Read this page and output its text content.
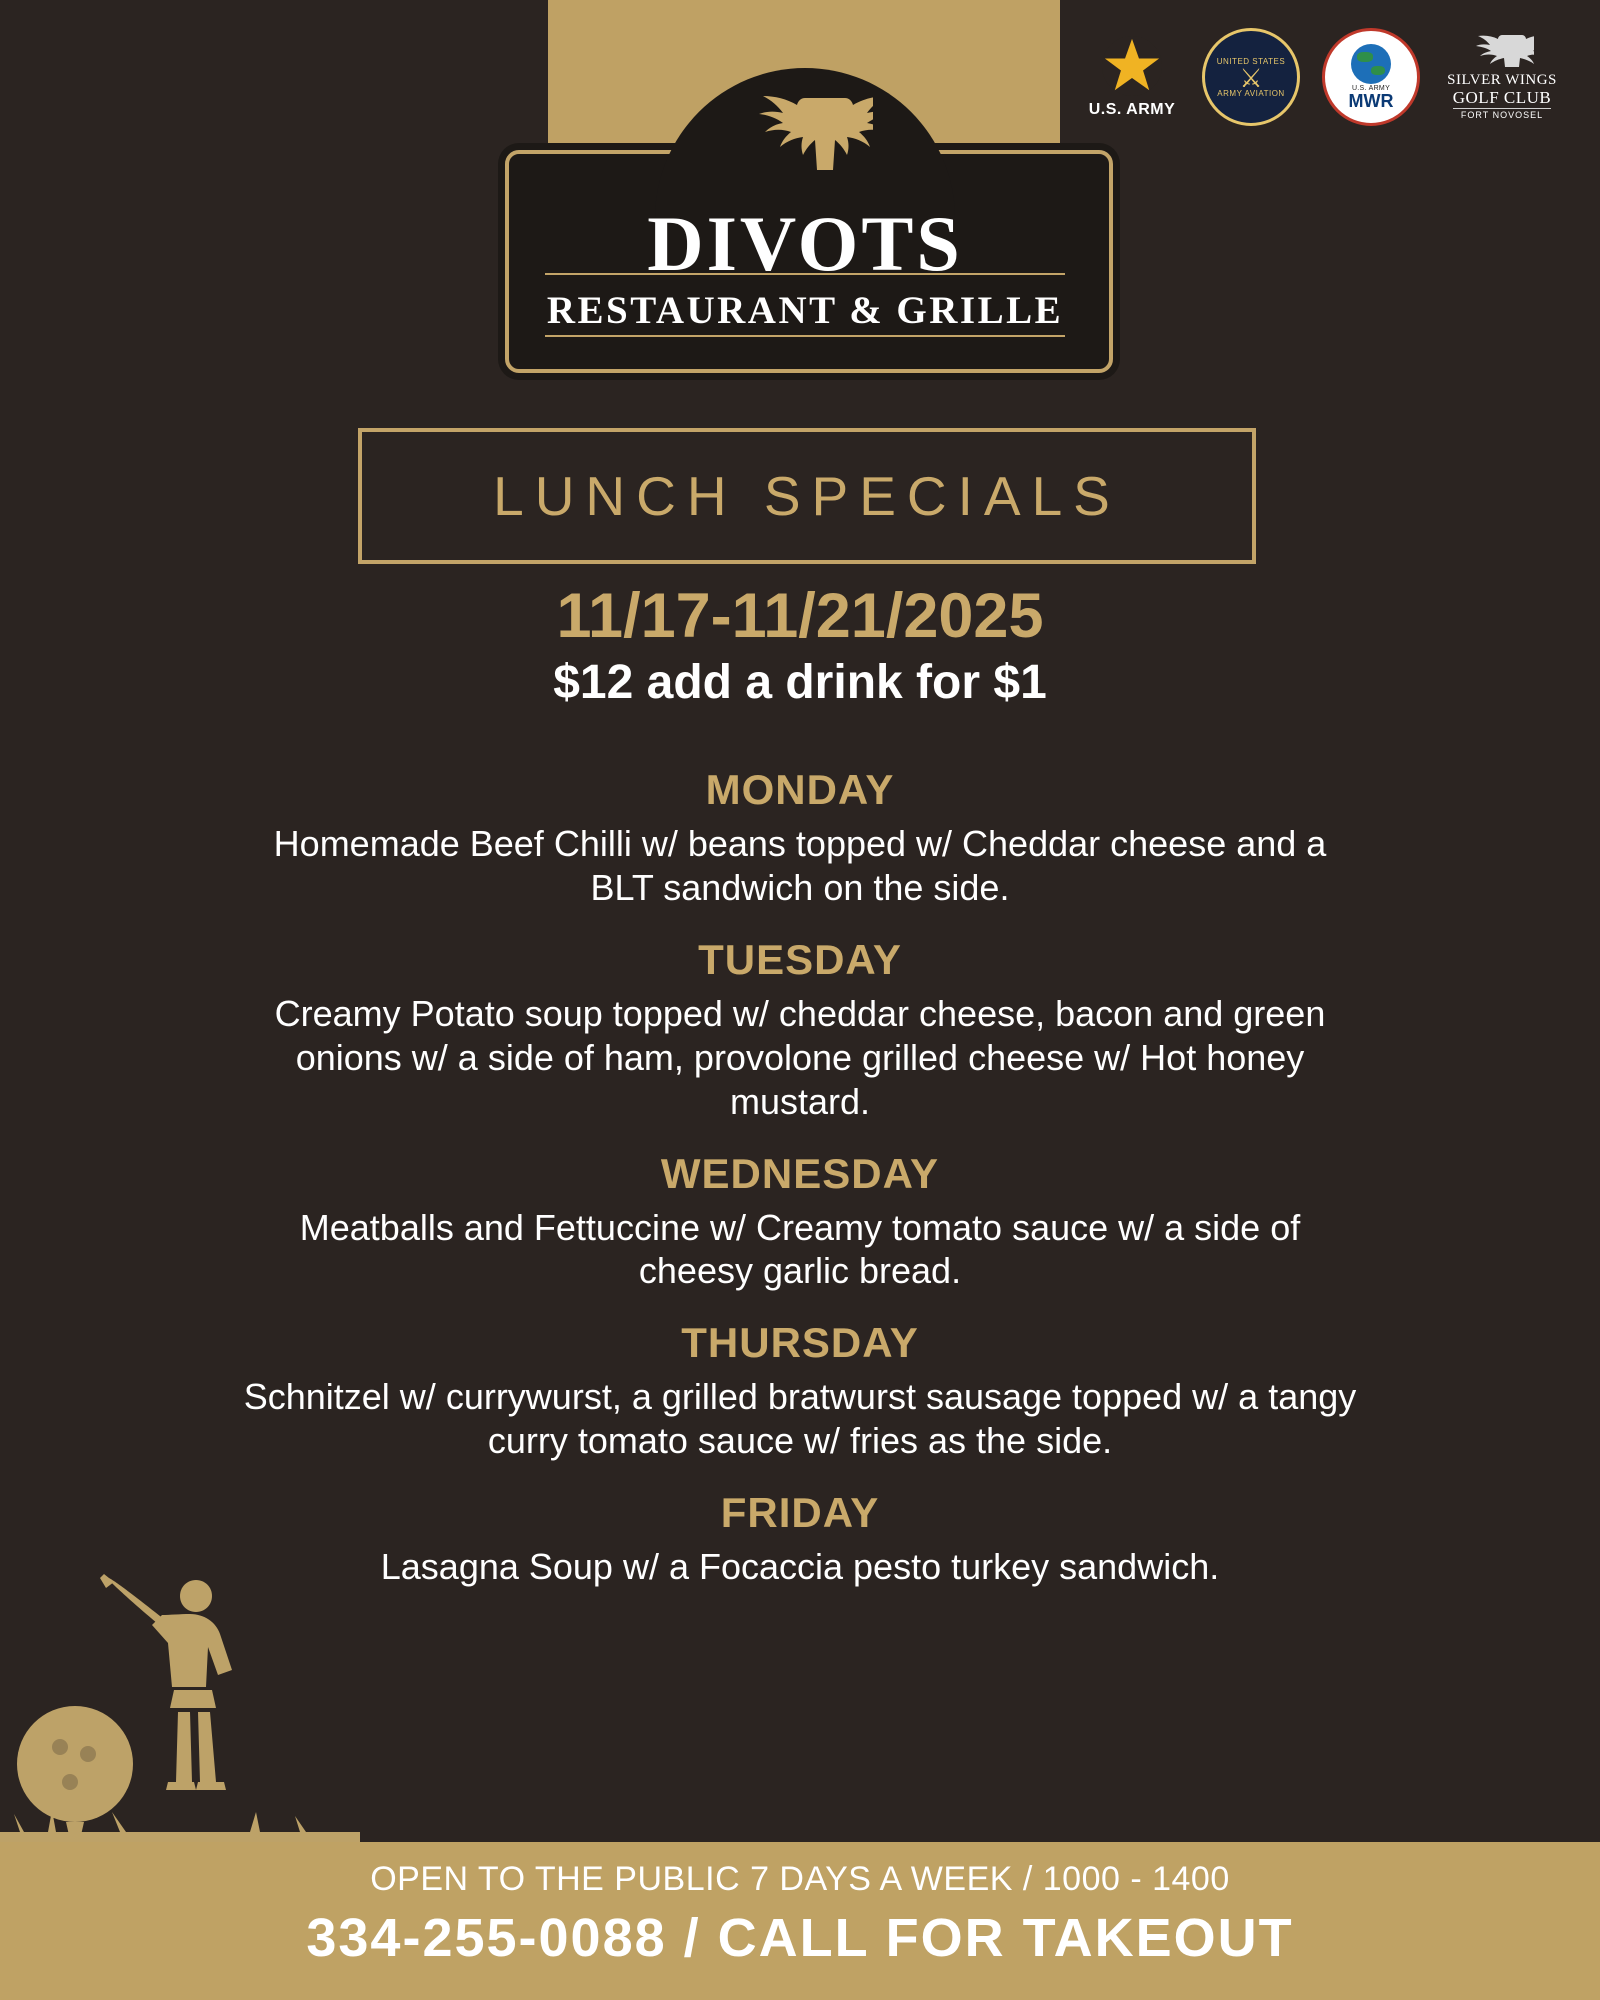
DIVOTS
RESTAURANT & GRILLE
U.S. ARMY
UNITED STATES
⚔
ARMY AVIATION	U.S. ARMY
MWR
SILVER WINGS
GOLF CLUB
FORT NOVOSEL
LUNCH SPECIALS
11/17-11/21/2025
$12 add a drink for $1
MONDAY
Homemade Beef Chilli w/ beans topped w/ Cheddar cheese and a BLT sandwich on the side.
TUESDAY
Creamy Potato soup topped w/ cheddar cheese, bacon and green onions w/ a side of ham, provolone grilled cheese w/ Hot honey mustard.
WEDNESDAY
Meatballs and Fettuccine w/ Creamy tomato sauce w/ a side of cheesy garlic bread.
THURSDAY
Schnitzel w/ currywurst, a grilled bratwurst sausage topped w/ a tangy curry tomato sauce w/ fries as the side.
FRIDAY
Lasagna Soup w/ a Focaccia pesto turkey sandwich.
OPEN TO THE PUBLIC 7 DAYS A WEEK / 1000 - 1400
334-255-0088 / CALL FOR TAKEOUT
